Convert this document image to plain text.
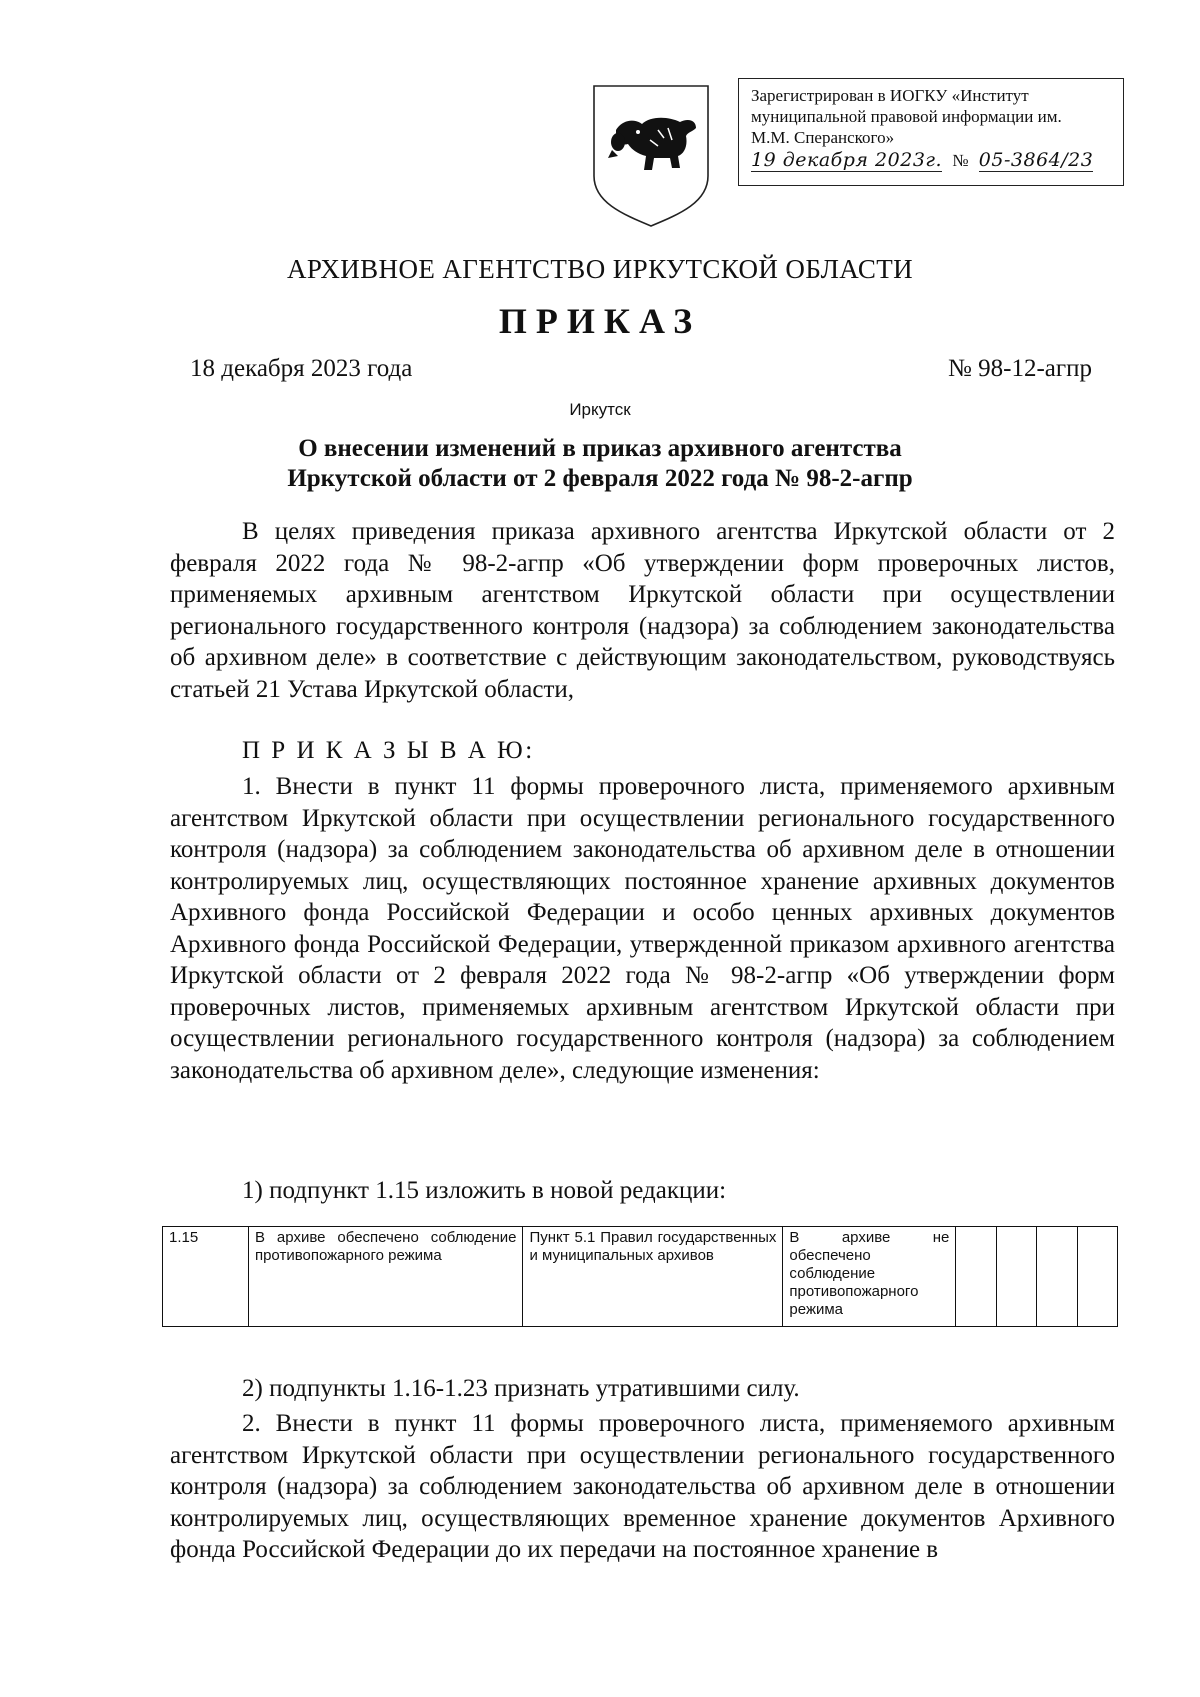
Зарегистрирован в ИОГКУ «Институт
муниципальной правовой информации им.
М.М. Сперанского»
19 декабря 2023г. № 05-3864/23
АРХИВНОЕ АГЕНТСТВО ИРКУТСКОЙ ОБЛАСТИ
ПРИКАЗ
18 декабря 2023 года	№ 98-12-агпр
Иркутск
О внесении изменений в приказ архивного агентства
Иркутской области от 2 февраля 2022 года № 98-2-агпр
В целях приведения приказа архивного агентства Иркутской области от 2 февраля 2022 года № 98-2-агпр «Об утверждении форм проверочных листов, применяемых архивным агентством Иркутской области при осуществлении регионального государственного контроля (надзора) за соблюдением законодательства об архивном деле» в соответствие с действующим законодательством, руководствуясь статьей 21 Устава Иркутской области,
П Р И К А З Ы В А Ю:
1. Внести в пункт 11 формы проверочного листа, применяемого архивным агентством Иркутской области при осуществлении регионального государственного контроля (надзора) за соблюдением законодательства об архивном деле в отношении контролируемых лиц, осуществляющих постоянное хранение архивных документов Архивного фонда Российской Федерации и особо ценных архивных документов Архивного фонда Российской Федерации, утвержденной приказом архивного агентства Иркутской области от 2 февраля 2022 года № 98-2-агпр «Об утверждении форм проверочных листов, применяемых архивным агентством Иркутской области при осуществлении регионального государственного контроля (надзора) за соблюдением законодательства об архивном деле», следующие изменения:
1) подпункт 1.15 изложить в новой редакции:
1.15	В архиве обеспечено соблюдение противопожарного режима	Пункт 5.1 Правил государственных и муниципальных архивов	В архиве не обеспечено соблюдение противопожарного режима				
2) подпункты 1.16-1.23 признать утратившими силу.
2. Внести в пункт 11 формы проверочного листа, применяемого архивным агентством Иркутской области при осуществлении регионального государственного контроля (надзора) за соблюдением законодательства об архивном деле в отношении контролируемых лиц, осуществляющих временное хранение документов Архивного фонда Российской Федерации до их передачи на постоянное хранение в
